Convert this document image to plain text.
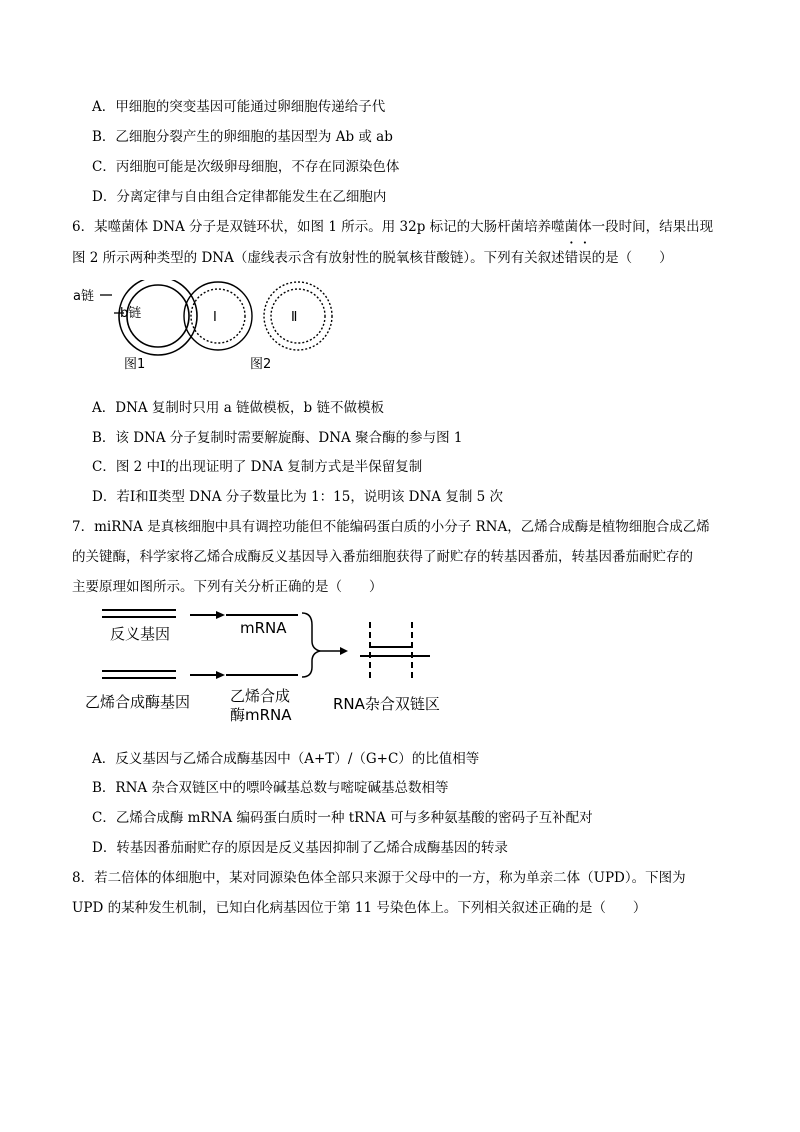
A．甲细胞的突变基因可能通过卵细胞传递给子代
B．乙细胞分裂产生的卵细胞的基因型为 Ab 或 ab
C．丙细胞可能是次级卵母细胞，不存在同源染色体
D．分离定律与自由组合定律都能发生在乙细胞内
6．某噬菌体 DNA 分子是双链环状，如图 1 所示。用 32p 标记的大肠杆菌培养噬菌体一段时间，结果出现
图 2 所示两种类型的 DNA（虚线表示含有放射性的脱氧核苷酸链）。下列有关叙述错误的是（　　）
a链
b链	Ⅰ	Ⅱ
图1	图2
A．DNA 复制时只用 a 链做模板，b 链不做模板
B．该 DNA 分子复制时需要解旋酶、DNA 聚合酶的参与图 1
C．图 2 中Ⅰ的出现证明了 DNA 复制方式是半保留复制
D．若Ⅰ和Ⅱ类型 DNA 分子数量比为 1：15，说明该 DNA 复制 5 次
7．miRNA 是真核细胞中具有调控功能但不能编码蛋白质的小分子 RNA，乙烯合成酶是植物细胞合成乙烯
的关键酶，科学家将乙烯合成酶反义基因导入番茄细胞获得了耐贮存的转基因番茄，转基因番茄耐贮存的
主要原理如图所示。下列有关分析正确的是（　　）
反义基因	mRNA
乙烯合成酶基因	乙烯合成
酶mRNA
RNA杂合双链区
A．反义基因与乙烯合成酶基因中（A+T）/（G+C）的比值相等
B．RNA 杂合双链区中的嘌呤碱基总数与嘧啶碱基总数相等
C．乙烯合成酶 mRNA 编码蛋白质时一种 tRNA 可与多种氨基酸的密码子互补配对
D．转基因番茄耐贮存的原因是反义基因抑制了乙烯合成酶基因的转录
8．若二倍体的体细胞中，某对同源染色体全部只来源于父母中的一方，称为单亲二体（UPD）。下图为
UPD 的某种发生机制，已知白化病基因位于第 11 号染色体上。下列相关叙述正确的是（　　）
